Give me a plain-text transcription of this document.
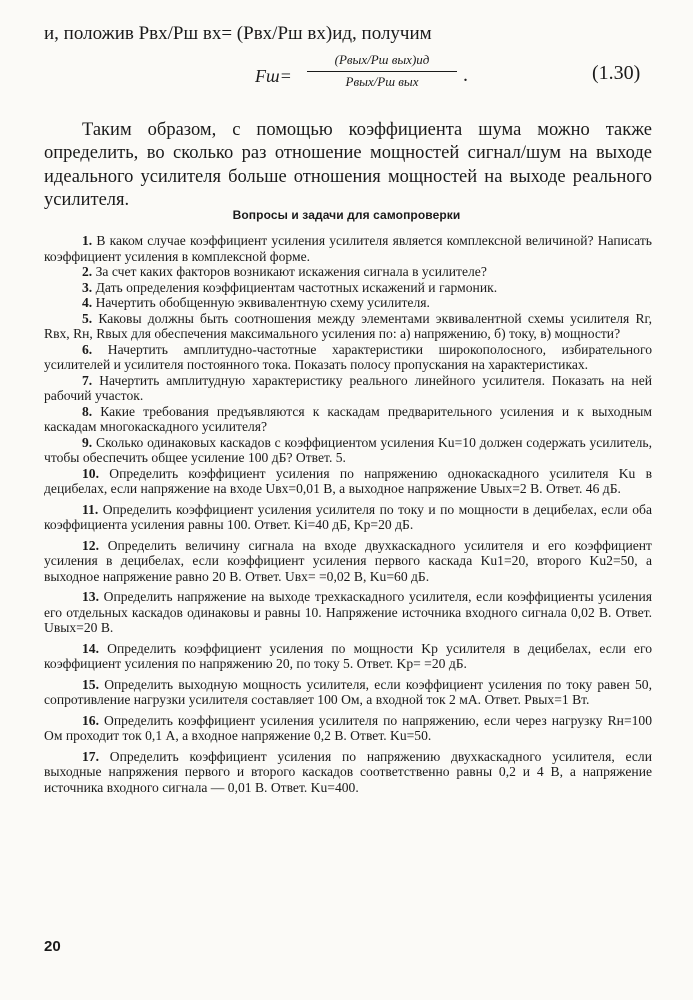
и, положив Pвх/Pш вх= (Pвх/Pш вх)ид, получим
Fш=
(Pвых/Pш вых)ид
Pвых/Pш вых	.	(1.30)

Таким образом, с помощью коэффициента шума можно также определить, во сколько раз отношение мощностей сигнал/шум на выходе идеального усилителя больше отношения мощностей на выходе реального усилителя.

Вопросы и задачи для самопроверки

1. В каком случае коэффициент усиления усилителя является комплексной величиной? Написать коэффициент усиления в комплексной форме.

2. За счет каких факторов возникают искажения сигнала в усилителе?

3. Дать определения коэффициентам частотных искажений и гармоник.

4. Начертить обобщенную эквивалентную схему усилителя.

5. Каковы должны быть соотношения между элементами эквивалентной схемы усилителя Rг, Rвх, Rн, Rвых для обеспечения максимального усиления по: а) напряжению, б) току, в) мощности?

6. Начертить амплитудно-частотные характеристики широкополосного, избирательного усилителей и усилителя постоянного тока. Показать полосу пропускания на характеристиках.

7. Начертить амплитудную характеристику реального линейного усилителя. Показать на ней рабочий участок.

8. Какие требования предъявляются к каскадам предварительного усиления и к выходным каскадам многокаскадного усилителя?

9. Сколько одинаковых каскадов с коэффициентом усиления Ku=10 должен содержать усилитель, чтобы обеспечить общее усиление 100 дБ? Ответ. 5.

10. Определить коэффициент усиления по напряжению однокаскадного усилителя Ku в децибелах, если напряжение на входе Uвх=0,01 В, а выходное напряжение Uвых=2 В. Ответ. 46 дБ.

11. Определить коэффициент усиления усилителя по току и по мощности в децибелах, если оба коэффициента усиления равны 100. Ответ. Ki=40 дБ, Kp=20 дБ.

12. Определить величину сигнала на входе двухкаскадного усилителя и его коэффициент усиления в децибелах, если коэффициент усиления первого каскада Ku1=20, второго Ku2=50, а выходное напряжение равно 20 В. Ответ. Uвх= =0,02 В, Ku=60 дБ.

13. Определить напряжение на выходе трехкаскадного усилителя, если коэффициенты усиления его отдельных каскадов одинаковы и равны 10. Напряжение источника входного сигнала 0,02 В. Ответ. Uвых=20 В.

14. Определить коэффициент усиления по мощности Kp усилителя в децибелах, если его коэффициент усиления по напряжению 20, по току 5. Ответ. Kp= =20 дБ.

15. Определить выходную мощность усилителя, если коэффициент усиления по току равен 50, сопротивление нагрузки усилителя составляет 100 Ом, а входной ток 2 мА. Ответ. Pвых=1 Вт.

16. Определить коэффициент усиления усилителя по напряжению, если через нагрузку Rн=100 Ом проходит ток 0,1 А, а входное напряжение 0,2 В. Ответ. Ku=50.

17. Определить коэффициент усиления по напряжению двухкаскадного усилителя, если выходные напряжения первого и второго каскадов соответственно равны 0,2 и 4 В, а напряжение источника входного сигнала — 0,01 В. Ответ. Ku=400.

20
